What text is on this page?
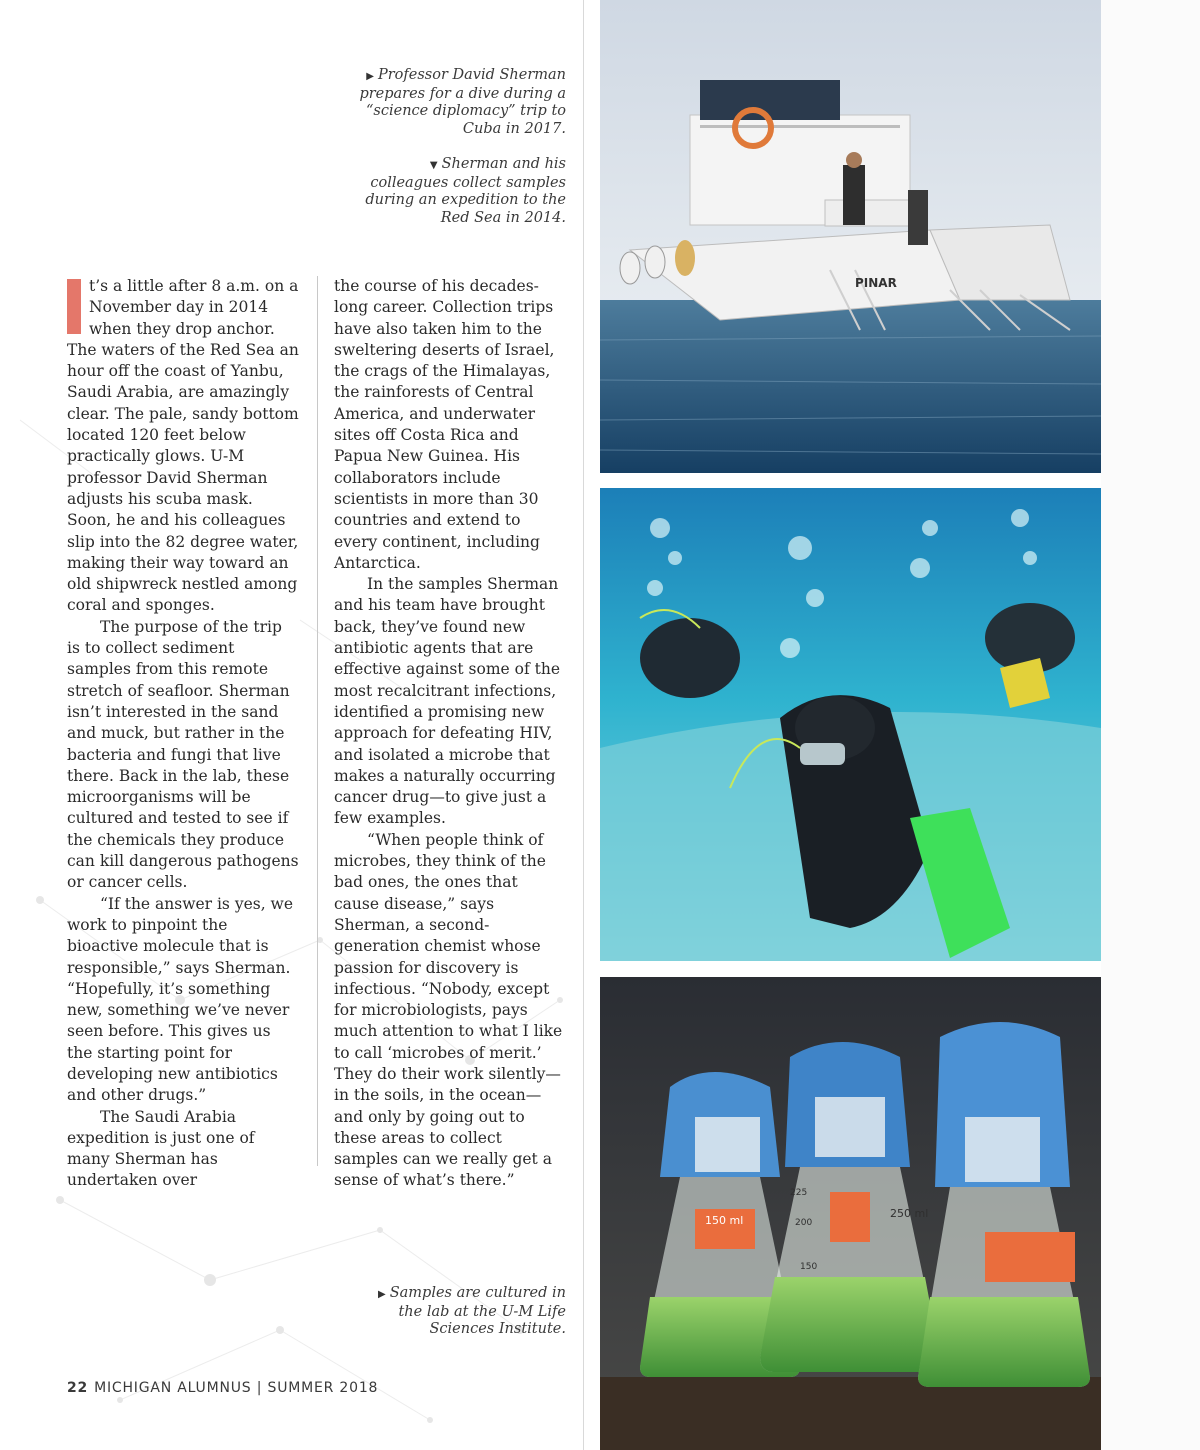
▶ Professor David Sherman prepares for a dive during a “science diplomacy” trip to Cuba in 2017.
▼ Sherman and his colleagues collect samples during an expedition to the Red Sea in 2014.
▶ Samples are cultured in the lab at the U-M Life Sciences Institute.

t’s a little after 8 a.m. on a November day in 2014 when they drop anchor. The waters of the Red Sea an hour off the coast of Yanbu, Saudi Arabia, are amazingly clear. The pale, sandy bottom located 120 feet below practically glows. U-M professor David Sherman adjusts his scuba mask. Soon, he and his colleagues slip into the 82 degree water, making their way toward an old shipwreck nestled among coral and sponges.

The purpose of the trip is to collect sediment samples from this remote stretch of seafloor. Sherman isn’t interested in the sand and muck, but rather in the bacteria and fungi that live there. Back in the lab, these microorganisms will be cultured and tested to see if the chemicals they produce can kill dangerous pathogens or cancer cells.

“If the answer is yes, we work to pinpoint the bioactive molecule that is responsible,” says Sherman. “Hopefully, it’s something new, something we’ve never seen before. This gives us the starting point for developing new antibiotics and other drugs.”

The Saudi Arabia expedition is just one of many Sherman has undertaken over

the course of his decades-long career. Collection trips have also taken him to the sweltering deserts of Israel, the crags of the Himalayas, the rainforests of Central America, and underwater sites off Costa Rica and Papua New Guinea. His collaborators include scientists in more than 30 countries and extend to every continent, including Antarctica.

In the samples Sherman and his team have brought back, they’ve found new antibiotic agents that are effective against some of the most recalcitrant infections, identified a promising new approach for defeating HIV, and isolated a microbe that makes a naturally occurring cancer drug—to give just a few examples.

“When people think of microbes, they think of the bad ones, the ones that cause disease,” says Sherman, a second-generation chemist whose passion for discovery is infectious. “Nobody, except for microbiologists, pays much attention to what I like to call ‘microbes of merit.’ They do their work silently—in the soils, in the ocean—and only by going out to these areas to collect samples can we really get a sense of what’s there.”

22 MICHIGAN ALUMNUS | SUMMER 2018
PINAR
150 ml
250 ml
225
200
150
